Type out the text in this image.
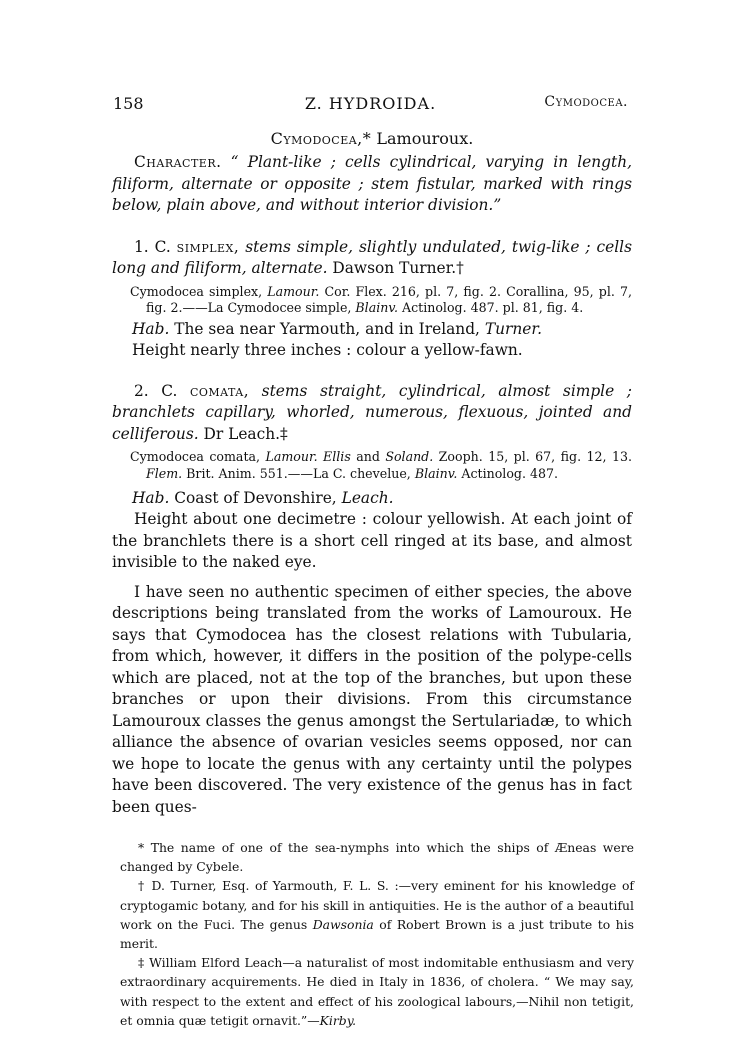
158	Z. HYDROIDA.	Cymodocea.

Cymodocea,* Lamouroux.

Character. “ Plant-like ; cells cylindrical, varying in length, filiform, alternate or opposite ; stem fistular, marked with rings below, plain above, and without interior division.”

1. C. simplex, stems simple, slightly undulated, twig-like ; cells long and filiform, alternate. Dawson Turner.†

Cymodocea simplex, Lamour. Cor. Flex. 216, pl. 7, fig. 2. Corallina, 95, pl. 7, fig. 2.——La Cymodocee simple, Blainv. Actinolog. 487. pl. 81, fig. 4.

Hab. The sea near Yarmouth, and in Ireland, Turner.

Height nearly three inches : colour a yellow-fawn.

2. C. comata, stems straight, cylindrical, almost simple ; branchlets capillary, whorled, numerous, flexuous, jointed and celliferous. Dr Leach.‡

Cymodocea comata, Lamour. Ellis and Soland. Zooph. 15, pl. 67, fig. 12, 13. Flem. Brit. Anim. 551.——La C. chevelue, Blainv. Actinolog. 487.

Hab. Coast of Devonshire, Leach.

Height about one decimetre : colour yellowish. At each joint of the branchlets there is a short cell ringed at its base, and almost invisible to the naked eye.

I have seen no authentic specimen of either species, the above descriptions being translated from the works of Lamouroux. He says that Cymodocea has the closest relations with Tubularia, from which, however, it differs in the position of the polype-cells which are placed, not at the top of the branches, but upon these branches or upon their divisions. From this circumstance Lamouroux classes the genus amongst the Sertulariadæ, to which alliance the absence of ovarian vesicles seems opposed, nor can we hope to locate the genus with any certainty until the polypes have been discovered. The very existence of the genus has in fact been ques-

* The name of one of the sea-nymphs into which the ships of Æneas were changed by Cybele.

† D. Turner, Esq. of Yarmouth, F. L. S. :—very eminent for his knowledge of cryptogamic botany, and for his skill in antiquities. He is the author of a beautiful work on the Fuci. The genus Dawsonia of Robert Brown is a just tribute to his merit.

‡ William Elford Leach—a naturalist of most indomitable enthusiasm and very extraordinary acquirements. He died in Italy in 1836, of cholera. “ We may say, with respect to the extent and effect of his zoological labours,—Nihil non tetigit, et omnia quæ tetigit ornavit.”—Kirby.
